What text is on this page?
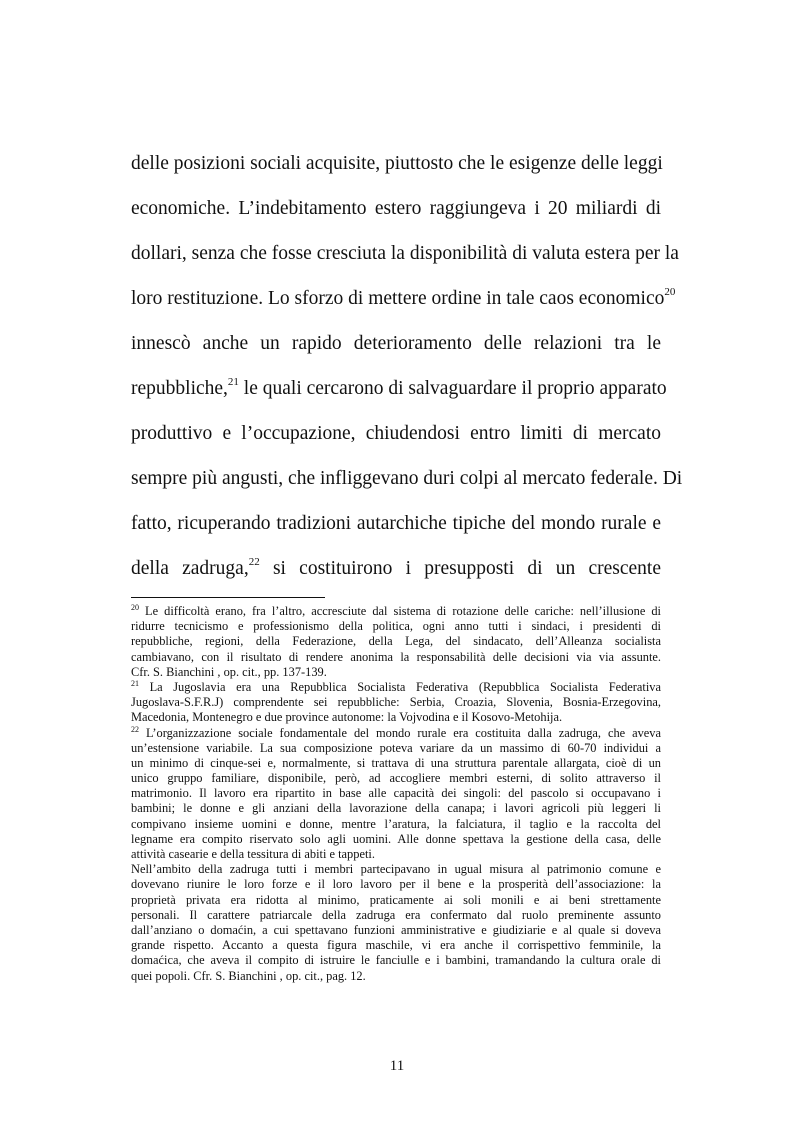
delle posizioni sociali acquisite, piuttosto che le esigenze delle leggi
economiche. L’indebitamento estero raggiungeva i 20 miliardi di
dollari, senza che fosse cresciuta la disponibilità di valuta estera per la
loro restituzione. Lo sforzo di mettere ordine in tale caos economico$^{20}$
innescò anche un rapido deterioramento delle relazioni tra le
repubbliche,$^{21}$ le quali cercarono di salvaguardare il proprio apparato
produttivo e l’occupazione, chiudendosi entro limiti di mercato
sempre più angusti, che infliggevano duri colpi al mercato federale. Di
fatto, ricuperando tradizioni autarchiche tipiche del mondo rurale e
della zadruga,$^{22}$ si costituirono i presupposti di un crescente
$^{20}$ Le difficoltà erano, fra l’altro, accresciute dal sistema di rotazione delle cariche: nell’illusione di
ridurre tecnicismo e professionismo della politica, ogni anno tutti i sindaci, i presidenti di
repubbliche, regioni, della Federazione, della Lega, del sindacato, dell’Alleanza socialista
cambiavano, con il risultato di rendere anonima la responsabilità delle decisioni via via assunte.
Cfr. S. Bianchini , op. cit., pp. 137-139.
$^{21}$ La Jugoslavia era una Repubblica Socialista Federativa (Repubblica Socialista Federativa
Jugoslava-S.F.R.J) comprendente sei repubbliche: Serbia, Croazia, Slovenia, Bosnia-Erzegovina,
Macedonia, Montenegro e due province autonome: la Vojvodina e il Kosovo-Metohija.
$^{22}$ L’organizzazione sociale fondamentale del mondo rurale era costituita dalla zadruga, che aveva
un’estensione variabile. La sua composizione poteva variare da un massimo di 60-70 individui a
un minimo di cinque-sei e, normalmente, si trattava di una struttura parentale allargata, cioè di un
unico gruppo familiare, disponibile, però, ad accogliere membri esterni, di solito attraverso il
matrimonio. Il lavoro era ripartito in base alle capacità dei singoli: del pascolo si occupavano i
bambini; le donne e gli anziani della lavorazione della canapa; i lavori agricoli più leggeri li
compivano insieme uomini e donne, mentre l’aratura, la falciatura, il taglio e la raccolta del
legname era compito riservato solo agli uomini. Alle donne spettava la gestione della casa, delle
attività casearie e della tessitura di abiti e tappeti.
Nell’ambito della zadruga tutti i membri partecipavano in ugual misura al patrimonio comune e
dovevano riunire le loro forze e il loro lavoro per il bene e la prosperità dell’associazione: la
proprietà privata era ridotta al minimo, praticamente ai soli monili e ai beni strettamente
personali. Il carattere patriarcale della zadruga era confermato dal ruolo preminente assunto
dall’anziano o domaćin, a cui spettavano funzioni amministrative e giudiziarie e al quale si doveva
grande rispetto. Accanto a questa figura maschile, vi era anche il corrispettivo femminile, la
domaćica, che aveva il compito di istruire le fanciulle e i bambini, tramandando la cultura orale di
quei popoli. Cfr. S. Bianchini , op. cit., pag. 12.
11
